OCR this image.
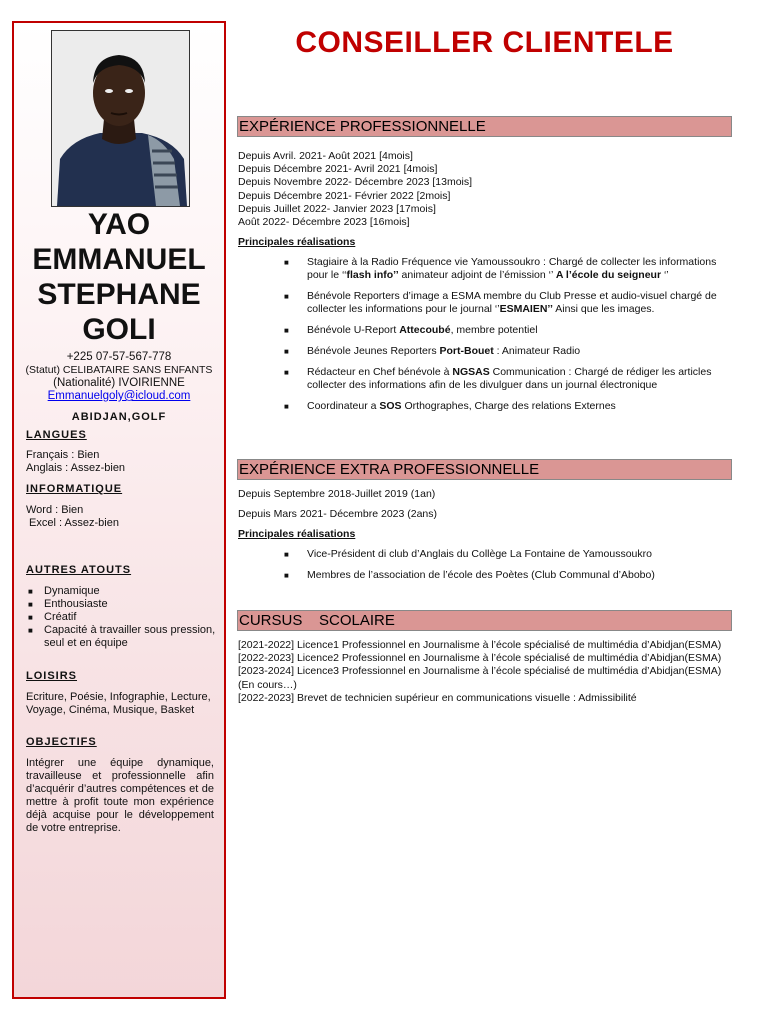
YAO
EMMANUEL
STEPHANE
GOLI
+225 07-57-567-778
(Statut) CELIBATAIRE SANS ENFANTS
(Nationalité) IVOIRIENNE
Emmanuelgoly@icloud.com
ABIDJAN,GOLF
LANGUES
Français : Bien
Anglais : Assez-bien
INFORMATIQUE
Word : Bien
Excel : Assez-bien
AUTRES ATOUTS
■ Dynamique
■ Enthousiaste
■ Créatif
■ Capacité à travailler sous pression, seul et en équipe
LOISIRS
Ecriture, Poésie, Infographie, Lecture, Voyage, Cinéma, Musique, Basket
OBJECTIFS
Intégrer une équipe dynamique, travailleuse et professionnelle afin d’acquérir d’autres compétences et de mettre à profit toute mon expérience déjà acquise pour le développement de votre entreprise.
CONSEILLER CLIENTELE
EXPÉRIENCE PROFESSIONNELLE
Depuis Avril. 2021- Août 2021 [4mois]
Depuis Décembre 2021- Avril 2021 [4mois]
Depuis Novembre 2022- Décembre 2023 [13mois]
Depuis Décembre 2021- Février 2022 [2mois]
Depuis Juillet 2022- Janvier 2023 [17mois]
Août 2022- Décembre 2023 [16mois]
Principales réalisations
■ Stagiaire à la Radio Fréquence vie Yamoussoukro : Chargé de collecter les informations pour le ‘‘flash info’’ animateur adjoint de l’émission ‘’ A l’école du seigneur ‘’
■ Bénévole Reporters d’image a ESMA membre du Club Presse et audio-visuel chargé de collecter les informations pour le journal ‘’ESMAIEN’’ Ainsi que les images.
■ Bénévole U-Report Attecoubé, membre potentiel
■ Bénévole Jeunes Reporters Port-Bouet : Animateur Radio
■ Rédacteur en Chef bénévole à NGSAS Communication : Chargé de rédiger les articles collecter des informations afin de les divulguer dans un journal électronique
■ Coordinateur a SOS Orthographes, Charge des relations Externes
EXPÉRIENCE EXTRA PROFESSIONNELLE
Depuis Septembre 2018-Juillet 2019 (1an)
Depuis Mars 2021- Décembre 2023 (2ans)
Principales réalisations
■ Vice-Président di club d’Anglais du Collège La Fontaine de Yamoussoukro
■ Membres de l’association de l’école des Poètes (Club Communal d’Abobo)
CURSUS    SCOLAIRE
[2021-2022] Licence1 Professionnel en Journalisme à l’école spécialisé de multimédia d’Abidjan(ESMA)
[2022-2023] Licence2 Professionnel en Journalisme à l’école spécialisé de multimédia d’Abidjan(ESMA)
[2023-2024] Licence3 Professionnel en Journalisme à l’école spécialisé de multimédia d’Abidjan(ESMA)
(En cours…)
[2022-2023] Brevet de technicien supérieur en communications visuelle : Admissibilité
